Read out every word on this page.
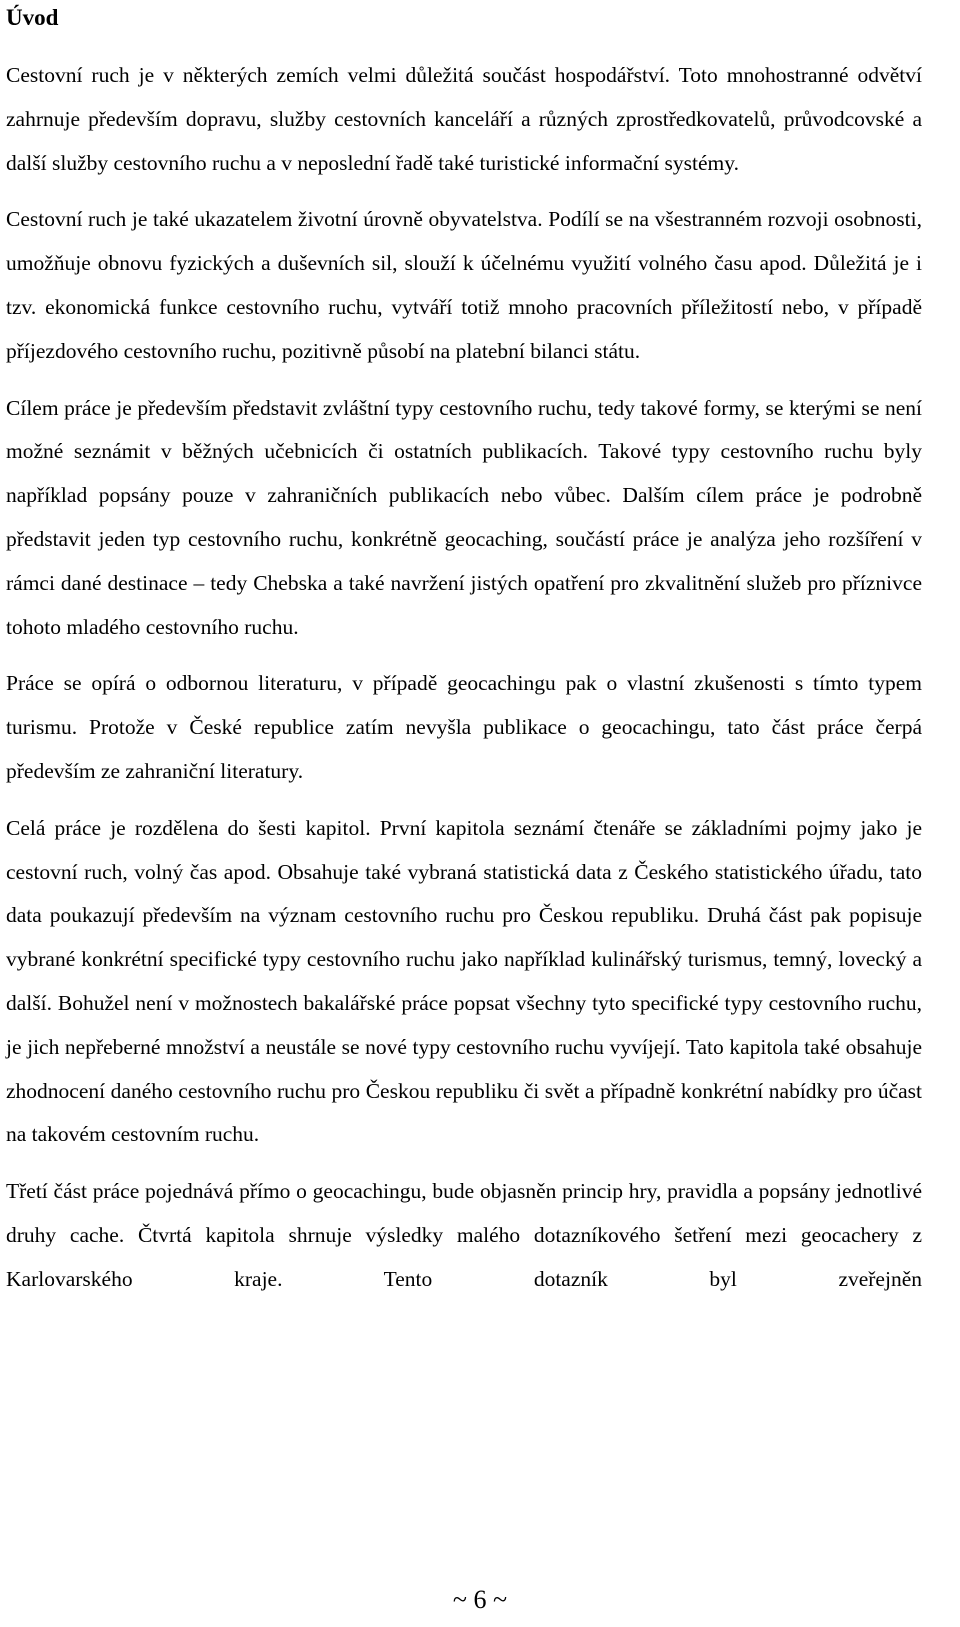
Úvod

Cestovní ruch je v některých zemích velmi důležitá součást hospodářství. Toto mnohostranné odvětví zahrnuje především dopravu, služby cestovních kanceláří a různých zprostředkovatelů, průvodcovské a další služby cestovního ruchu a v neposlední řadě také turistické informační systémy.

Cestovní ruch je také ukazatelem životní úrovně obyvatelstva. Podílí se na všestranném rozvoji osobnosti, umožňuje obnovu fyzických a duševních sil, slouží k účelnému využití volného času apod. Důležitá je i tzv. ekonomická funkce cestovního ruchu, vytváří totiž mnoho pracovních příležitostí nebo, v případě příjezdového cestovního ruchu, pozitivně působí na platební bilanci státu.

Cílem práce je především představit zvláštní typy cestovního ruchu, tedy takové formy, se kterými se není možné seznámit v běžných učebnicích či ostatních publikacích. Takové typy cestovního ruchu byly například popsány pouze v zahraničních publikacích nebo vůbec. Dalším cílem práce je podrobně představit jeden typ cestovního ruchu, konkrétně geocaching, součástí práce je analýza jeho rozšíření v rámci dané destinace – tedy Chebska a také navržení jistých opatření pro zkvalitnění služeb pro příznivce tohoto mladého cestovního ruchu.

Práce se opírá o odbornou literaturu, v případě geocachingu pak o vlastní zkušenosti s tímto typem turismu. Protože v České republice zatím nevyšla publikace o geocachingu, tato část práce čerpá především ze zahraniční literatury.

Celá práce je rozdělena do šesti kapitol. První kapitola seznámí čtenáře se základními pojmy jako je cestovní ruch, volný čas apod. Obsahuje také vybraná statistická data z Českého statistického úřadu, tato data poukazují především na význam cestovního ruchu pro Českou republiku. Druhá část pak popisuje vybrané konkrétní specifické typy cestovního ruchu jako například kulinářský turismus, temný, lovecký a další. Bohužel není v možnostech bakalářské práce popsat všechny tyto specifické typy cestovního ruchu, je jich nepřeberné množství a neustále se nové typy cestovního ruchu vyvíjejí. Tato kapitola také obsahuje zhodnocení daného cestovního ruchu pro Českou republiku či svět a případně konkrétní nabídky pro účast na takovém cestovním ruchu.

Třetí část práce pojednává přímo o geocachingu, bude objasněn princip hry, pravidla a popsány jednotlivé druhy cache. Čtvrtá kapitola shrnuje výsledky malého dotazníkového šetření mezi geocachery z Karlovarského kraje. Tento dotazník byl zveřejněn

~ 6 ~
